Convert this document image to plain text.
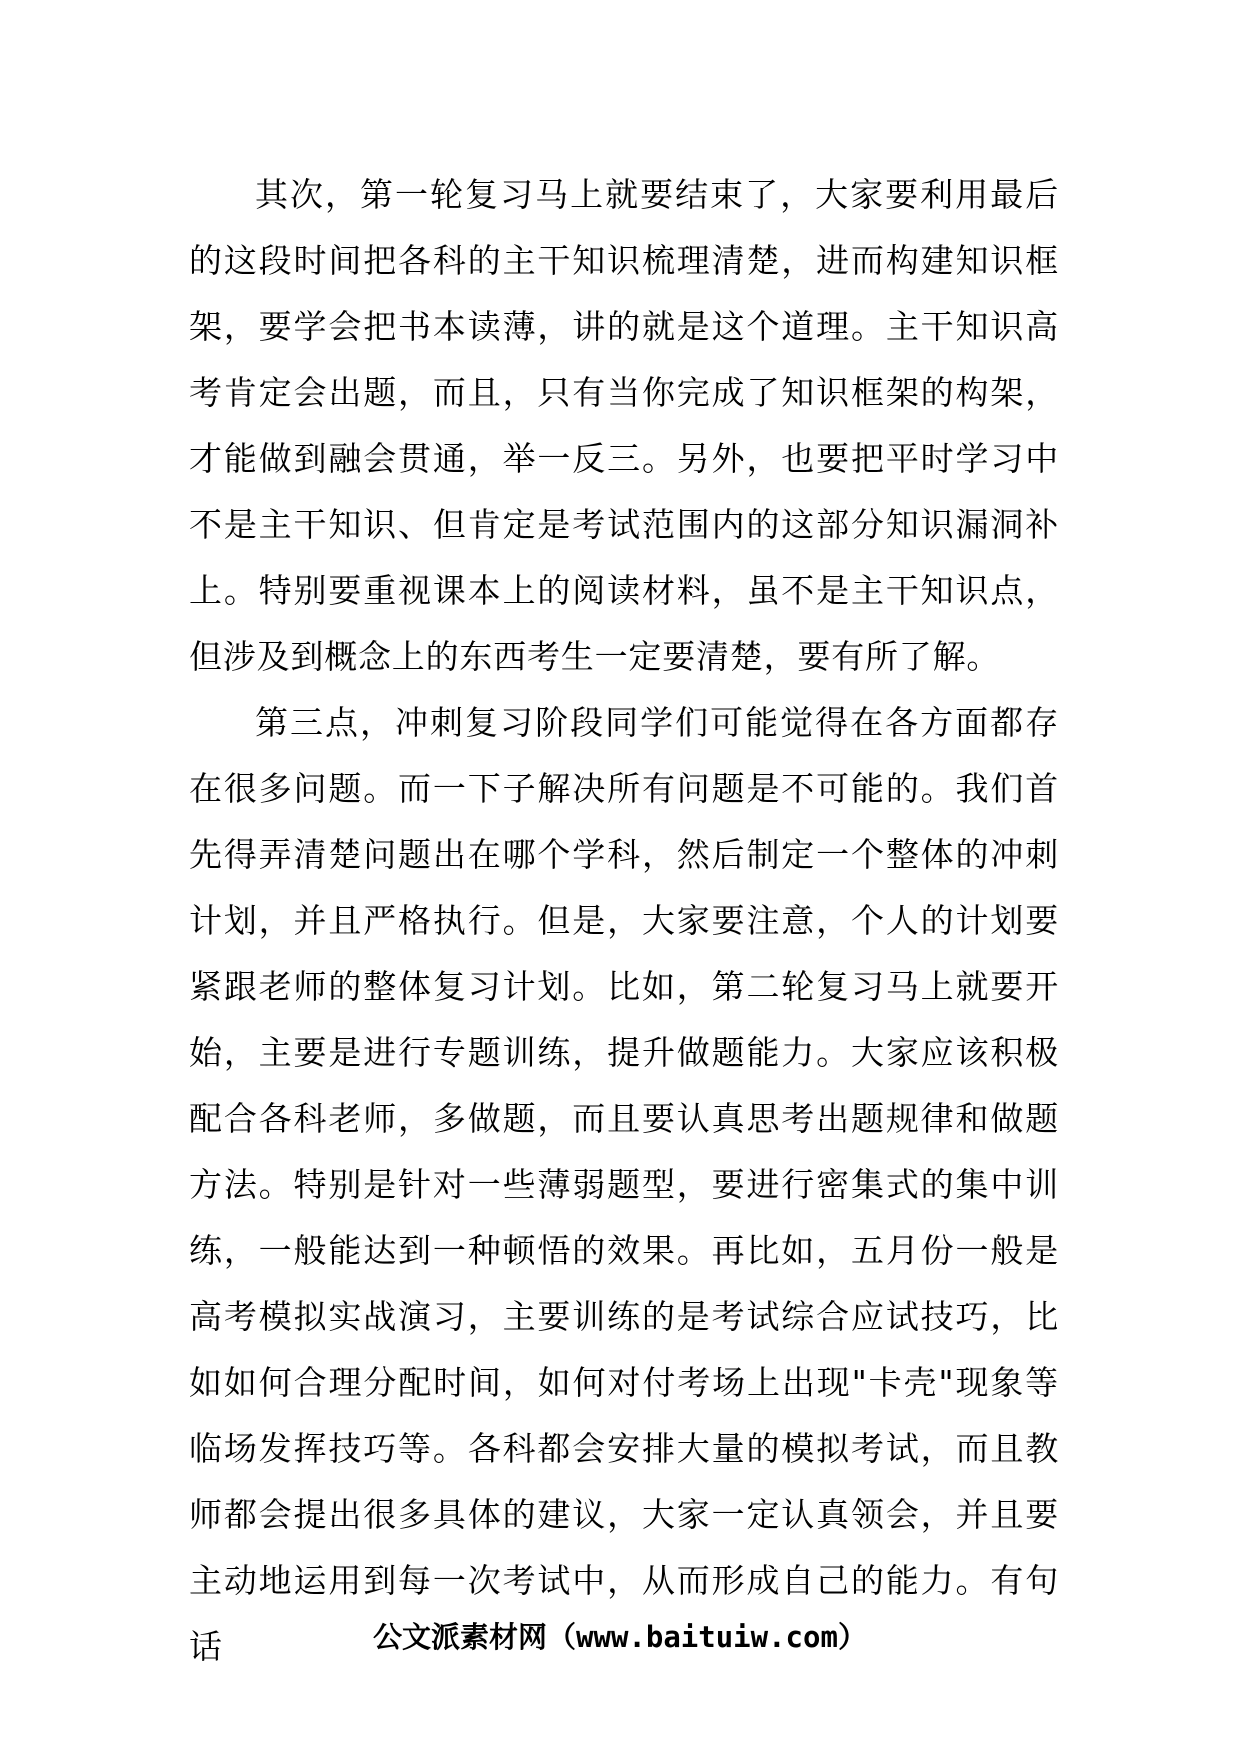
其次，第一轮复习马上就要结束了，大家要利用最后的这段时间把各科的主干知识梳理清楚，进而构建知识框架，要学会把书本读薄，讲的就是这个道理。主干知识高考肯定会出题，而且，只有当你完成了知识框架的构架，才能做到融会贯通，举一反三。另外，也要把平时学习中不是主干知识、但肯定是考试范围内的这部分知识漏洞补上。特别要重视课本上的阅读材料，虽不是主干知识点，但涉及到概念上的东西考生一定要清楚，要有所了解。

第三点，冲刺复习阶段同学们可能觉得在各方面都存在很多问题。而一下子解决所有问题是不可能的。我们首先得弄清楚问题出在哪个学科，然后制定一个整体的冲刺计划，并且严格执行。但是，大家要注意，个人的计划要紧跟老师的整体复习计划。比如，第二轮复习马上就要开始，主要是进行专题训练，提升做题能力。大家应该积极配合各科老师，多做题，而且要认真思考出题规律和做题方法。特别是针对一些薄弱题型，要进行密集式的集中训练，一般能达到一种顿悟的效果。再比如，五月份一般是高考模拟实战演习，主要训练的是考试综合应试技巧，比如如何合理分配时间，如何对付考场上出现"卡壳"现象等临场发挥技巧等。各科都会安排大量的模拟考试，而且教师都会提出很多具体的建议，大家一定认真领会，并且要主动地运用到每一次考试中，从而形成自己的能力。有句话	公文派素材网（www.baituiw.com）
